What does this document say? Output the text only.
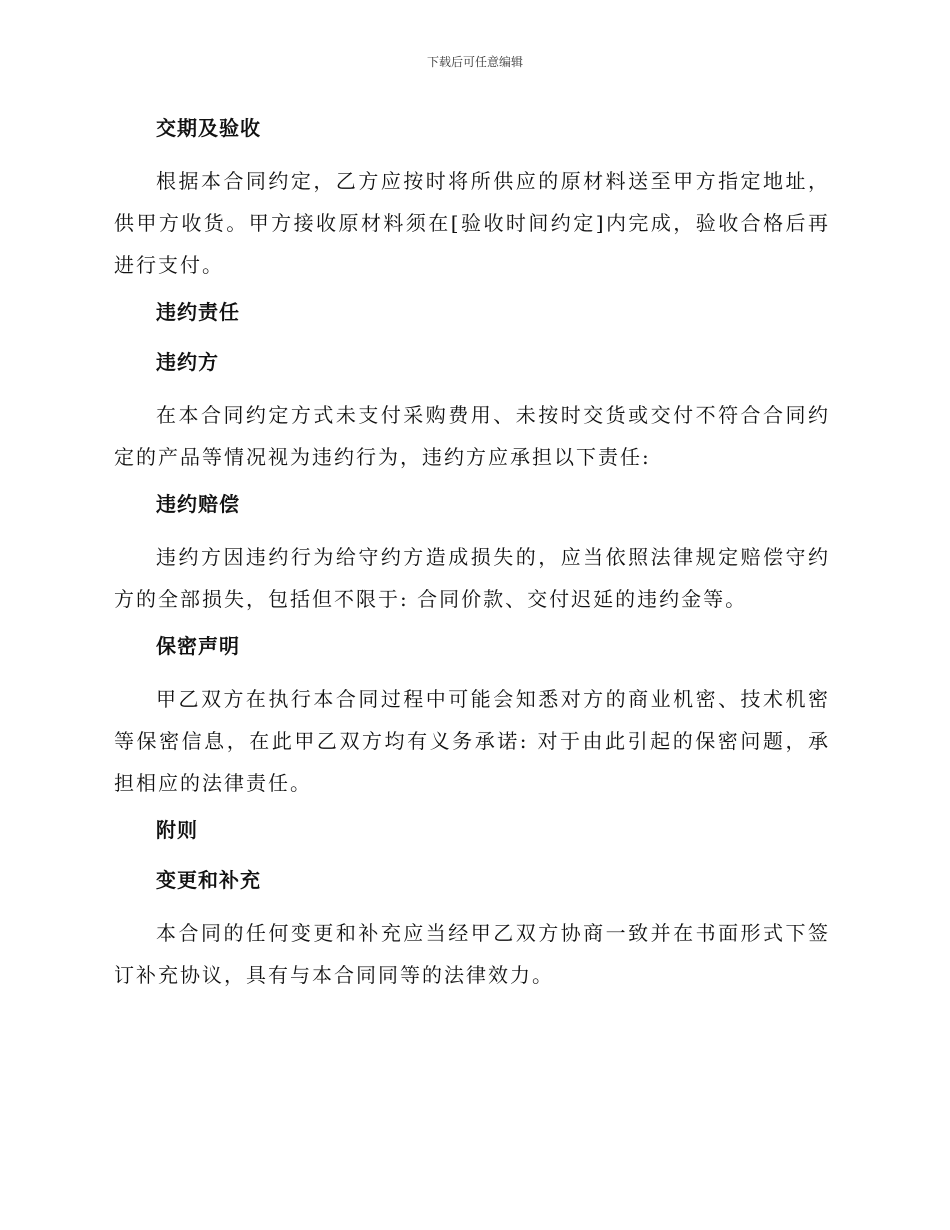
下载后可任意编辑
交期及验收
根据本合同约定，乙方应按时将所供应的原材料送至甲方指定地址，供甲方收货。甲方接收原材料须在[验收时间约定]内完成，验收合格后再进行支付。
违约责任
违约方
在本合同约定方式未支付采购费用、未按时交货或交付不符合合同约定的产品等情况视为违约行为，违约方应承担以下责任:
违约赔偿
违约方因违约行为给守约方造成损失的，应当依照法律规定赔偿守约方的全部损失，包括但不限于: 合同价款、交付迟延的违约金等。
保密声明
甲乙双方在执行本合同过程中可能会知悉对方的商业机密、技术机密等保密信息，在此甲乙双方均有义务承诺: 对于由此引起的保密问题，承担相应的法律责任。
附则
变更和补充
本合同的任何变更和补充应当经甲乙双方协商一致并在书面形式下签订补充协议，具有与本合同同等的法律效力。
